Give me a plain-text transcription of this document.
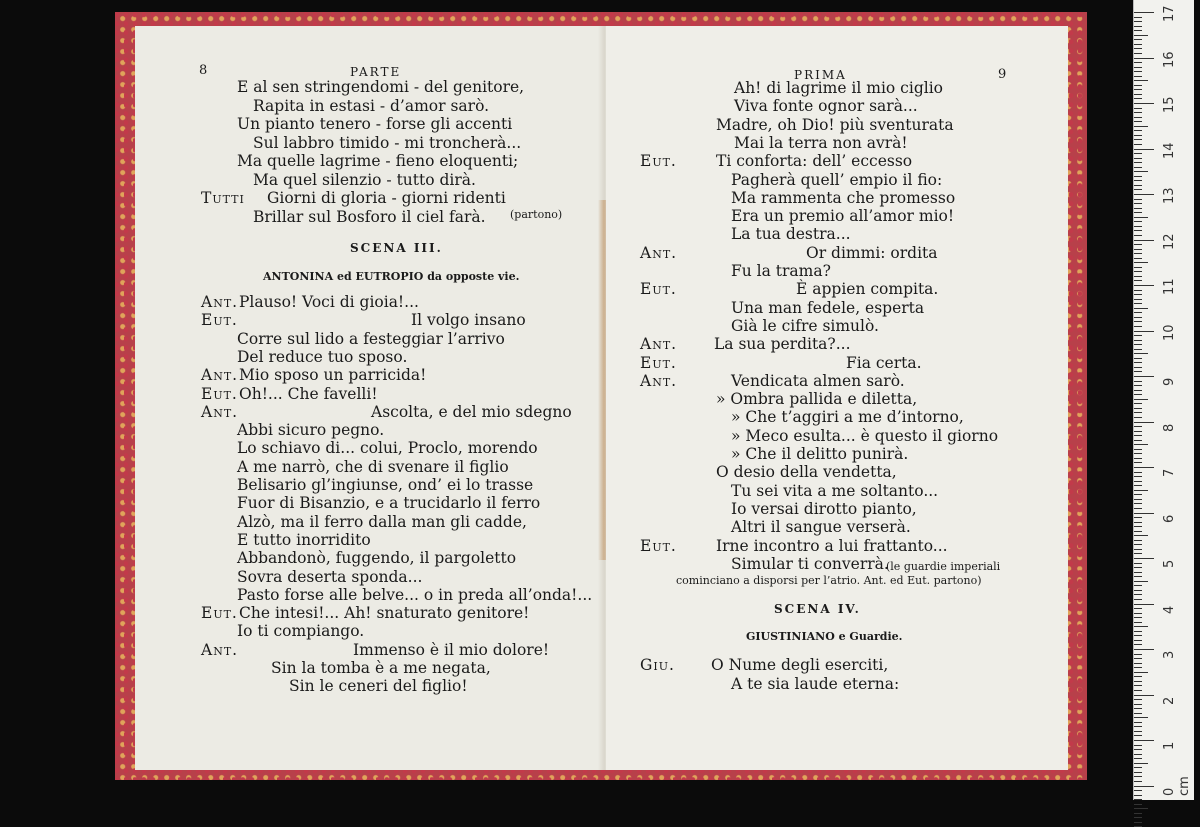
8	PARTE
E al sen stringendomi - del genitore,
Rapita in estasi - d’amor sarò.
Un pianto tenero - forse gli accenti
Sul labbro timido - mi troncherà...
Ma quelle lagrime - fieno eloquenti;
Ma quel silenzio - tutto dirà.
Tutti Giorni di gloria - giorni ridenti
Brillar sul Bosforo il ciel farà. (partono)
SCENA III.
ANTONINA ed EUTROPIO da opposte vie.
Ant. Plauso! Voci di gioia!...
Eut.	Il volgo insano
Corre sul lido a festeggiar l’arrivo
Del reduce tuo sposo.
Ant. Mio sposo un parricida!
Eut. Oh!... Che favelli!
Ant.	Ascolta, e del mio sdegno
Abbi sicuro pegno.
Lo schiavo di... colui, Proclo, morendo
A me narrò, che di svenare il figlio
Belisario gl’ingiunse, ond’ ei lo trasse
Fuor di Bisanzio, e a trucidarlo il ferro
Alzò, ma il ferro dalla man gli cadde,
E tutto inorridito
Abbandonò, fuggendo, il pargoletto
Sovra deserta sponda...
Pasto forse alle belve... o in preda all’onda!...
Eut. Che intesi!... Ah! snaturato genitore!
Io ti compiango.
Ant.	Immenso è il mio dolore!
Sin la tomba è a me negata,
Sin le ceneri del figlio!
PRIMA	9
Ah! di lagrime il mio ciglio
Viva fonte ognor sarà...
Madre, oh Dio! più sventurata
Mai la terra non avrà!
Eut.	Ti conforta: dell’ eccesso
Pagherà quell’ empio il fio:
Ma rammenta che promesso
Era un premio all’amor mio!
La tua destra...
Ant.	Or dimmi: ordita
Fu la trama?
Eut.	È appien compita.
Una man fedele, esperta
Già le cifre simulò.
Ant. La sua perdita?...
Eut.	Fia certa.
Ant.	Vendicata almen sarò.
» Ombra pallida e diletta,
» Che t’aggiri a me d’intorno,
» Meco esulta... è questo il giorno
» Che il delitto punirà.
O desio della vendetta,
Tu sei vita a me soltanto...
Io versai dirotto pianto,
Altri il sangue verserà.
Eut.	Irne incontro a lui frattanto...
Simular ti converrà.
(le guardie imperiali
cominciano a disporsi per l’atrio. Ant. ed Eut. partono)
SCENA IV.
GIUSTINIANO e Guardie.
Giu. O Nume degli eserciti,
A te sia laude eterna:
17
16
15
14
13
12
11
10
9
8
7
6
5
4
3
2
1
0 cm
